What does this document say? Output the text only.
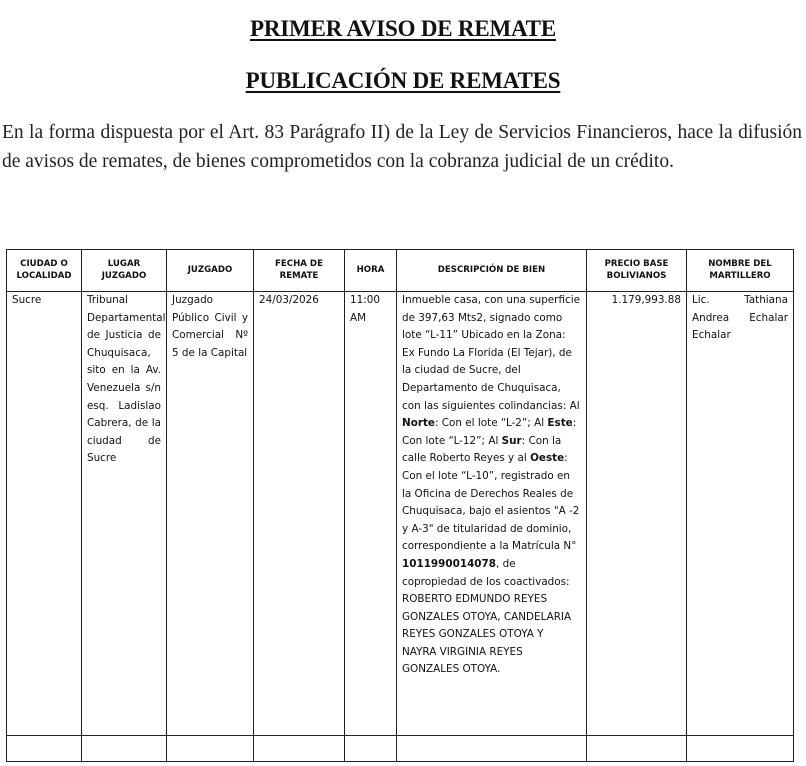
PRIMER AVISO DE REMATE
PUBLICACIÓN DE REMATES
En la forma dispuesta por el Art. 83 Parágrafo II) de la Ley de Servicios Financieros, hace la difusión de avisos de remates, de bienes comprometidos con la cobranza judicial de un crédito.
CIUDAD O LOCALIDAD	LUGAR JUZGADO	JUZGADO	FECHA DE REMATE	HORA	DESCRIPCIÓN DE BIEN	PRECIO BASE BOLIVIANOS	NOMBRE DEL MARTILLERO
Sucre	Tribunal Departamental de Justicia de Chuquisaca, sito en la Av. Venezuela s/n esq. Ladislao Cabrera, de la ciudad de Sucre	Juzgado Público Civil y Comercial Nº 5 de la Capital	24/03/2026	11:00 AM	Inmueble casa, con una superficie de 397,63 Mts2, signado como lote “L-11” Ubicado en la Zona: Ex Fundo La Florida (El Tejar), de la ciudad de Sucre, del Departamento de Chuquisaca, con las siguientes colindancias: Al Norte: Con el lote “L-2”; Al Este: Con lote “L-12”; Al Sur: Con la calle Roberto Reyes y al Oeste: Con el lote “L-10”, registrado en la Oficina de Derechos Reales de Chuquisaca, bajo el asientos "A -2 y A-3" de titularidad de dominio, correspondiente a la Matrícula N° 1011990014078, de copropiedad de los coactivados: ROBERTO EDMUNDO REYES GONZALES OTOYA, CANDELARIA REYES GONZALES OTOYA Y NAYRA VIRGINIA REYES GONZALES OTOYA.	1.179,993.88	Lic. Tathiana Andrea Echalar Echalar
